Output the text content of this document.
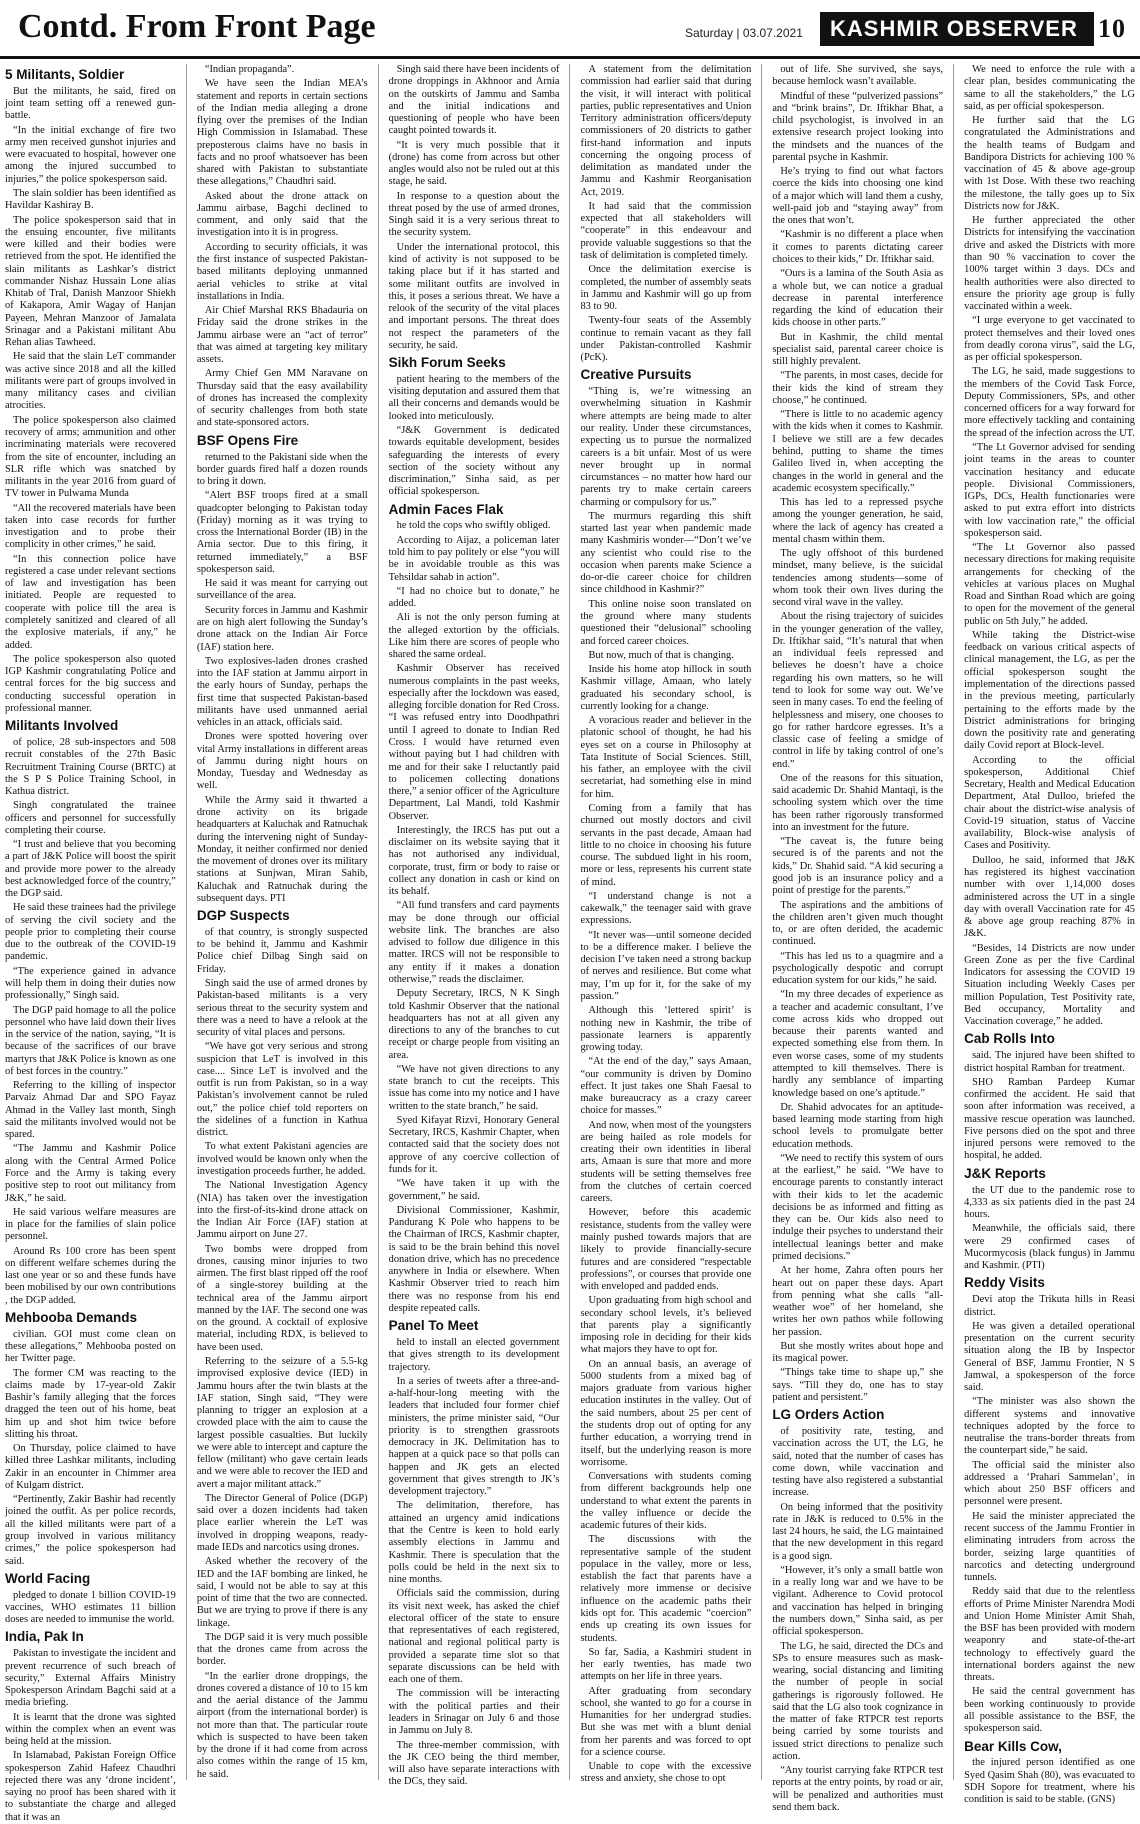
Contd. From Front Page	Saturday | 03.07.2021 KASHMIR OBSERVER 10
5 Militants, Soldier

But the militants, he said, fired on joint team setting off a renewed gun-battle.

“In the initial exchange of fire two army men received gunshot injuries and were evacuated to hospital, however one among the injured succumbed to injuries,” the police spokesperson said.

The slain soldier has been identified as Havildar Kashiray B.

The police spokesperson said that in the ensuing encounter, five militants were killed and their bodies were retrieved from the spot. He identified the slain militants as Lashkar’s district commander Nishaz Hussain Lone alias Khitab of Tral, Danish Manzoor Shiekh of Kakapora, Amir Wagay of Hanjan Payeen, Mehran Manzoor of Jamalata Srinagar and a Pakistani militant Abu Rehan alias Tawheed.

He said that the slain LeT commander was active since 2018 and all the killed militants were part of groups involved in many militancy cases and civilian atrocities.

The police spokesperson also claimed recovery of arms; ammunition and other incriminating materials were recovered from the site of encounter, including an SLR rifle which was snatched by militants in the year 2016 from guard of TV tower in Pulwama Munda

“All the recovered materials have been taken into case records for further investigation and to probe their complicity in other crimes,” he said.

“In this connection police have registered a case under relevant sections of law and investigation has been initiated. People are requested to cooperate with police till the area is completely sanitized and cleared of all the explosive materials, if any,” he added.

The police spokesperson also quoted IGP Kashmir congratulating Police and central forces for the big success and conducting successful operation in professional manner.

Militants Involved

of police, 28 sub-inspectors and 508 recruit constables of the 27th Basic Recruitment Training Course (BRTC) at the S P S Police Training School, in Kathua district.

Singh congratulated the trainee officers and personnel for successfully completing their course.

“I trust and believe that you becoming a part of J&K Police will boost the spirit and provide more power to the already best acknowledged force of the country,” the DGP said.

He said these trainees had the privilege of serving the civil society and the people prior to completing their course due to the outbreak of the COVID-19 pandemic.

“The experience gained in advance will help them in doing their duties now professionally,” Singh said.

The DGP paid homage to all the police personnel who have laid down their lives in the service of the nation, saying, “It is because of the sacrifices of our brave martyrs that J&K Police is known as one of best forces in the country.”

Referring to the killing of inspector Parvaiz Ahmad Dar and SPO Fayaz Ahmad in the Valley last month, Singh said the militants involved would not be spared.

“The Jammu and Kashmir Police along with the Central Armed Police Force and the Army is taking every positive step to root out militancy from J&K,” he said.

He said various welfare measures are in place for the families of slain police personnel.

Around Rs 100 crore has been spent on different welfare schemes during the last one year or so and these funds have been mobilised by our own contributions , the DGP added.

Mehbooba Demands

civilian. GOI must come clean on these allegations,” Mehbooba posted on her Twitter page.

The former CM was reacting to the claims made by 17-year-old Zakir Bashir’s family alleging that the forces dragged the teen out of his home, beat him up and shot him twice before slitting his throat.

On Thursday, police claimed to have killed three Lashkar militants, including Zakir in an encounter in Chimmer area of Kulgam district.

“Pertinently, Zakir Bashir had recently joined the outfit. As per police records, all the killed militants were part of a group involved in various militancy crimes,” the police spokesperson had said.

World Facing

pledged to donate 1 billion COVID-19 vaccines, WHO estimates 11 billion doses are needed to immunise the world.

India, Pak In

Pakistan to investigate the incident and prevent recurrence of such breach of security,” External Affairs Ministry Spokesperson Arindam Bagchi said at a media briefing.

It is learnt that the drone was sighted within the complex when an event was being held at the mission.

In Islamabad, Pakistan Foreign Office spokesperson Zahid Hafeez Chaudhri rejected there was any ‘drone incident’, saying no proof has been shared with it to substantiate the charge and alleged that it was an

“Indian propaganda”.

We have seen the Indian MEA’s statement and reports in certain sections of the Indian media alleging a drone flying over the premises of the Indian High Commission in Islamabad. These preposterous claims have no basis in facts and no proof whatsoever has been shared with Pakistan to substantiate these allegations,” Chaudhri said.

Asked about the drone attack on Jammu airbase, Bagchi declined to comment, and only said that the investigation into it is in progress.

According to security officials, it was the first instance of suspected Pakistan-based militants deploying unmanned aerial vehicles to strike at vital installations in India.

Air Chief Marshal RKS Bhadauria on Friday said the drone strikes in the Jammu airbase were an “act of terror” that was aimed at targeting key military assets.

Army Chief Gen MM Naravane on Thursday said that the easy availability of drones has increased the complexity of security challenges from both state and state-sponsored actors.

BSF Opens Fire

returned to the Pakistani side when the border guards fired half a dozen rounds to bring it down.

“Alert BSF troops fired at a small quadcopter belonging to Pakistan today (Friday) morning as it was trying to cross the International Border (IB) in the Arnia sector. Due to this firing, it returned immediately,” a BSF spokesperson said.

He said it was meant for carrying out surveillance of the area.

Security forces in Jammu and Kashmir are on high alert following the Sunday’s drone attack on the Indian Air Force (IAF) station here.

Two explosives-laden drones crashed into the IAF station at Jammu airport in the early hours of Sunday, perhaps the first time that suspected Pakistan-based militants have used unmanned aerial vehicles in an attack, officials said.

Drones were spotted hovering over vital Army installations in different areas of Jammu during night hours on Monday, Tuesday and Wednesday as well.

While the Army said it thwarted a drone activity on its brigade headquarters at Kaluchak and Ratnuchak during the intervening night of Sunday-Monday, it neither confirmed nor denied the movement of drones over its military stations at Sunjwan, Miran Sahib, Kaluchak and Ratnuchak during the subsequent days. PTI

DGP Suspects

of that country, is strongly suspected to be behind it, Jammu and Kashmir Police chief Dilbag Singh said on Friday.

Singh said the use of armed drones by Pakistan-based militants is a very serious threat to the security system and there was a need to have a relook at the security of vital places and persons.

“We have got very serious and strong suspicion that LeT is involved in this case.... Since LeT is involved and the outfit is run from Pakistan, so in a way Pakistan’s involvement cannot be ruled out,” the police chief told reporters on the sidelines of a function in Kathua district.

To what extent Pakistani agencies are involved would be known only when the investigation proceeds further, he added.

The National Investigation Agency (NIA) has taken over the investigation into the first-of-its-kind drone attack on the Indian Air Force (IAF) station at Jammu airport on June 27.

Two bombs were dropped from drones, causing minor injuries to two airmen. The first blast ripped off the roof of a single-storey building at the technical area of the Jammu airport manned by the IAF. The second one was on the ground. A cocktail of explosive material, including RDX, is believed to have been used.

Referring to the seizure of a 5.5-kg improvised explosive device (IED) in Jammu hours after the twin blasts at the IAF station, Singh said, “They were planning to trigger an explosion at a crowded place with the aim to cause the largest possible casualties. But luckily we were able to intercept and capture the fellow (militant) who gave certain leads and we were able to recover the IED and avert a major militant attack.”

The Director General of Police (DGP) said over a dozen incidents had taken place earlier wherein the LeT was involved in dropping weapons, ready-made IEDs and narcotics using drones.

Asked whether the recovery of the IED and the IAF bombing are linked, he said, I would not be able to say at this point of time that the two are connected. But we are trying to prove if there is any linkage.

The DGP said it is very much possible that the drones came from across the border.

“In the earlier drone droppings, the drones covered a distance of 10 to 15 km and the aerial distance of the Jammu airport (from the international border) is not more than that. The particular route which is suspected to have been taken by the drone if it had come from across also comes within the range of 15 km, he said.

Singh said there have been incidents of drone droppings in Akhnoor and Arnia on the outskirts of Jammu and Samba and the initial indications and questioning of people who have been caught pointed towards it.

“It is very much possible that it (drone) has come from across but other angles would also not be ruled out at this stage, he said.

In response to a question about the threat posed by the use of armed drones, Singh said it is a very serious threat to the security system.

Under the international protocol, this kind of activity is not supposed to be taking place but if it has started and some militant outfits are involved in this, it poses a serious threat. We have a relook of the security of the vital places and important persons. The threat does not respect the parameters of the security, he said.

Sikh Forum Seeks

patient hearing to the members of the visiting deputation and assured them that all their concerns and demands would be looked into meticulously.

“J&K Government is dedicated towards equitable development, besides safeguarding the interests of every section of the society without any discrimination,” Sinha said, as per official spokesperson.

Admin Faces Flak

he told the cops who swiftly obliged.

According to Aijaz, a policeman later told him to pay politely or else “you will be in avoidable trouble as this was Tehsildar sahab in action”.

“I had no choice but to donate,” he added.

Ali is not the only person fuming at the alleged extortion by the officials. Like him there are scores of people who shared the same ordeal.

Kashmir Observer has received numerous complaints in the past weeks, especially after the lockdown was eased, alleging forcible donation for Red Cross. “I was refused entry into Doodhpathri until I agreed to donate to Indian Red Cross. I would have returned even without paying but I had children with me and for their sake I reluctantly paid to policemen collecting donations there,” a senior officer of the Agriculture Department, Lal Mandi, told Kashmir Observer.

Interestingly, the IRCS has put out a disclaimer on its website saying that it has not authorised any individual, corporate, trust, firm or body to raise or collect any donation in cash or kind on its behalf.

“All fund transfers and card payments may be done through our official website link. The branches are also advised to follow due diligence in this matter. IRCS will not be responsible to any entity if it makes a donation otherwise,” reads the disclaimer.

Deputy Secretary, IRCS, N K Singh told Kashmir Observer that the national headquarters has not at all given any directions to any of the branches to cut receipt or charge people from visiting an area.

“We have not given directions to any state branch to cut the receipts. This issue has come into my notice and I have written to the state branch,” he said.

Syed Kifayat Rizvi, Honorary General Secretary, IRCS, Kashmir Chapter, when contacted said that the society does not approve of any coercive collection of funds for it.

“We have taken it up with the government,” he said.

Divisional Commissioner, Kashmir, Pandurang K Pole who happens to be the Chairman of IRCS, Kashmir chapter, is said to be the brain behind this novel donation drive, which has no precedence anywhere in India or elsewhere. When Kashmir Observer tried to reach him there was no response from his end despite repeated calls.

Panel To Meet

held to install an elected government that gives strength to its development trajectory.

In a series of tweets after a three-and-a-half-hour-long meeting with the leaders that included four former chief ministers, the prime minister said, “Our priority is to strengthen grassroots democracy in JK. Delimitation has to happen at a quick pace so that polls can happen and JK gets an elected government that gives strength to JK’s development trajectory.”

The delimitation, therefore, has attained an urgency amid indications that the Centre is keen to hold early assembly elections in Jammu and Kashmir. There is speculation that the polls could be held in the next six to nine months.

Officials said the commission, during its visit next week, has asked the chief electoral officer of the state to ensure that representatives of each registered, national and regional political party is provided a separate time slot so that separate discussions can be held with each one of them.

The commission will be interacting with the political parties and their leaders in Srinagar on July 6 and those in Jammu on July 8.

The three-member commission, with the JK CEO being the third member, will also have separate interactions with the DCs, they said.

A statement from the delimitation commission had earlier said that during the visit, it will interact with political parties, public representatives and Union Territory administration officers/deputy commissioners of 20 districts to gather first-hand information and inputs concerning the ongoing process of delimitation as mandated under the Jammu and Kashmir Reorganisation Act, 2019.

It had said that the commission expected that all stakeholders will “cooperate” in this endeavour and provide valuable suggestions so that the task of delimitation is completed timely.

Once the delimitation exercise is completed, the number of assembly seats in Jammu and Kashmir will go up from 83 to 90.

Twenty-four seats of the Assembly continue to remain vacant as they fall under Pakistan-controlled Kashmir (PcK).

Creative Pursuits

“Thing is, we’re witnessing an overwhelming situation in Kashmir where attempts are being made to alter our reality. Under these circumstances, expecting us to pursue the normalized careers is a bit unfair. Most of us were never brought up in normal circumstances – no matter how hard our parents try to make certain careers charming or compulsory for us.”

The murmurs regarding this shift started last year when pandemic made many Kashmiris wonder—“Don’t we’ve any scientist who could rise to the occasion when parents make Science a do-or-die career choice for children since childhood in Kashmir?”

This online noise soon translated on the ground where many students questioned their “delusional” schooling and forced career choices.

But now, much of that is changing.

Inside his home atop hillock in south Kashmir village, Amaan, who lately graduated his secondary school, is currently looking for a change.

A voracious reader and believer in the platonic school of thought, he had his eyes set on a course in Philosophy at Tata Institute of Social Sciences. Still, his father, an employee with the civil secretariat, had something else in mind for him.

Coming from a family that has churned out mostly doctors and civil servants in the past decade, Amaan had little to no choice in choosing his future course. The subdued light in his room, more or less, represents his current state of mind.

“I understand change is not a cakewalk,” the teenager said with grave expressions.

“It never was—until someone decided to be a difference maker. I believe the decision I’ve taken need a strong backup of nerves and resilience. But come what may, I’m up for it, for the sake of my passion.”

Although this ‘lettered spirit’ is nothing new in Kashmir, the tribe of passionate learners is apparently growing today.

“At the end of the day,” says Amaan, “our community is driven by Domino effect. It just takes one Shah Faesal to make bureaucracy as a crazy career choice for masses.”

And now, when most of the youngsters are being hailed as role models for creating their own identities in liberal arts, Amaan is sure that more and more students will be setting themselves free from the clutches of certain coerced careers.

However, before this academic resistance, students from the valley were mainly pushed towards majors that are likely to provide financially-secure futures and are considered “respectable professions”, or courses that provide one with enveloped and padded ends.

Upon graduating from high school and secondary school levels, it’s believed that parents play a significantly imposing role in deciding for their kids what majors they have to opt for.

On an annual basis, an average of 5000 students from a mixed bag of majors graduate from various higher education institutes in the valley. Out of the said numbers, about 25 per cent of the students drop out of opting for any further education, a worrying trend in itself, but the underlying reason is more worrisome.

Conversations with students coming from different backgrounds help one understand to what extent the parents in the valley influence or decide the academic futures of their kids.

The discussions with the representative sample of the student populace in the valley, more or less, establish the fact that parents have a relatively more immense or decisive influence on the academic paths their kids opt for. This academic “coercion” ends up creating its own issues for students.

So far, Sadia, a Kashmiri student in her early twenties, has made two attempts on her life in three years.

After graduating from secondary school, she wanted to go for a course in Humanities for her undergrad studies. But she was met with a blunt denial from her parents and was forced to opt for a science course.

Unable to cope with the excessive stress and anxiety, she chose to opt

out of life. She survived, she says, because hemlock wasn’t available.

Mindful of these “pulverized passions” and “brink brains”, Dr. Iftikhar Bhat, a child psychologist, is involved in an extensive research project looking into the mindsets and the nuances of the parental psyche in Kashmir.

He’s trying to find out what factors coerce the kids into choosing one kind of a major which will land them a cushy, well-paid job and “staying away” from the ones that won’t.

“Kashmir is no different a place when it comes to parents dictating career choices to their kids,” Dr. Iftikhar said.

“Ours is a lamina of the South Asia as a whole but, we can notice a gradual decrease in parental interference regarding the kind of education their kids choose in other parts.”

But in Kashmir, the child mental specialist said, parental career choice is still highly prevalent.

“The parents, in most cases, decide for their kids the kind of stream they choose,” he continued.

“There is little to no academic agency with the kids when it comes to Kashmir. I believe we still are a few decades behind, putting to shame the times Galileo lived in, when accepting the changes in the world in general and the academic ecosystem specifically.”

This has led to a repressed psyche among the younger generation, he said, where the lack of agency has created a mental chasm within them.

The ugly offshoot of this burdened mindset, many believe, is the suicidal tendencies among students—some of whom took their own lives during the second viral wave in the valley.

About the rising trajectory of suicides in the younger generation of the valley, Dr. Iftikhar said, “It’s natural that when an individual feels repressed and believes he doesn’t have a choice regarding his own matters, so he will tend to look for some way out. We’ve seen in many cases. To end the feeling of helplessness and misery, one chooses to go for rather hardcore egresses. It’s a classic case of feeling a smidge of control in life by taking control of one’s end.”

One of the reasons for this situation, said academic Dr. Shahid Mantaqi, is the schooling system which over the time has been rather rigorously transformed into an investment for the future.

“The caveat is, the future being secured is of the parents and not the kids,” Dr. Shahid said. “A kid securing a good job is an insurance policy and a point of prestige for the parents.”

The aspirations and the ambitions of the children aren’t given much thought to, or are often derided, the academic continued.

“This has led us to a quagmire and a psychologically despotic and corrupt education system for our kids,” he said.

“In my three decades of experience as a teacher and academic consultant, I’ve come across kids who dropped out because their parents wanted and expected something else from them. In even worse cases, some of my students attempted to kill themselves. There is hardly any semblance of imparting knowledge based on one’s aptitude.”

Dr. Shahid advocates for an aptitude-based learning mode starting from high school levels to promulgate better education methods.

“We need to rectify this system of ours at the earliest,” he said. “We have to encourage parents to constantly interact with their kids to let the academic decisions be as informed and fitting as they can be. Our kids also need to indulge their psyches to understand their intellectual leanings better and make primed decisions.”

At her home, Zahra often pours her heart out on paper these days. Apart from penning what she calls “all-weather woe” of her homeland, she writes her own pathos while following her passion.

But she mostly writes about hope and its magical power.

“Things take time to shape up,” she says. “Till they do, one has to stay patient and persistent.”

LG Orders Action

of positivity rate, testing, and vaccination across the UT, the LG, he said, noted that the number of cases has come down, while vaccination and testing have also registered a substantial increase.

On being informed that the positivity rate in J&K is reduced to 0.5% in the last 24 hours, he said, the LG maintained that the new development in this regard is a good sign.

“However, it’s only a small battle won in a really long war and we have to be vigilant. Adherence to Covid protocol and vaccination has helped in bringing the numbers down,” Sinha said, as per official spokesperson.

The LG, he said, directed the DCs and SPs to ensure measures such as mask-wearing, social distancing and limiting the number of people in social gatherings is rigorously followed. He said that the LG also took cognizance in the matter of fake RTPCR test reports being carried by some tourists and issued strict directions to penalize such action.

“Any tourist carrying fake RTPCR test reports at the entry points, by road or air, will be penalized and authorities must send them back.

We need to enforce the rule with a clear plan, besides communicating the same to all the stakeholders,” the LG said, as per official spokesperson.

He further said that the LG congratulated the Administrations and the health teams of Budgam and Bandipora Districts for achieving 100 % vaccination of 45 & above age-group with 1st Dose. With these two reaching the milestone, the tally goes up to Six Districts now for J&K.

He further appreciated the other Districts for intensifying the vaccination drive and asked the Districts with more than 90 % vaccination to cover the 100% target within 3 days. DCs and health authorities were also directed to ensure the priority age group is fully vaccinated within a week.

“I urge everyone to get vaccinated to protect themselves and their loved ones from deadly corona virus”, said the LG, as per official spokesperson.

The LG, he said, made suggestions to the members of the Covid Task Force, Deputy Commissioners, SPs, and other concerned officers for a way forward for more effectively tackling and containing the spread of the infection across the UT.

“The Lt Governor advised for sending joint teams in the areas to counter vaccination hesitancy and educate people. Divisional Commissioners, IGPs, DCs, Health functionaries were asked to put extra effort into districts with low vaccination rate,” the official spokesperson said.

“The Lt Governor also passed necessary directions for making requisite arrangements for checking of the vehicles at various places on Mughal Road and Sinthan Road which are going to open for the movement of the general public on 5th July,” he added.

While taking the District-wise feedback on various critical aspects of clinical management, the LG, as per the official spokesperson sought the implementation of the directions passed in the previous meeting, particularly pertaining to the efforts made by the District administrations for bringing down the positivity rate and generating daily Covid report at Block-level.

According to the official spokesperson, Additional Chief Secretary, Health and Medical Education Department, Atal Dulloo, briefed the chair about the district-wise analysis of Covid-19 situation, status of Vaccine availability, Block-wise analysis of Cases and Positivity.

Dulloo, he said, informed that J&K has registered its highest vaccination number with over 1,14,000 doses administered across the UT in a single day with overall Vaccination rate for 45 & above age group reaching 87% in J&K.

“Besides, 14 Districts are now under Green Zone as per the five Cardinal Indicators for assessing the COVID 19 Situation including Weekly Cases per million Population, Test Positivity rate, Bed occupancy, Mortality and Vaccination coverage,” he added.

Cab Rolls Into

said. The injured have been shifted to district hospital Ramban for treatment.

SHO Ramban Pardeep Kumar confirmed the accident. He said that soon after information was received, a massive rescue operation was launched. Five persons died on the spot and three injured persons were removed to the hospital, he added.

J&K Reports

the UT due to the pandemic rose to 4,333 as six patients died in the past 24 hours.

Meanwhile, the officials said, there were 29 confirmed cases of Mucormycosis (black fungus) in Jammu and Kashmir. (PTI)

Reddy Visits

Devi atop the Trikuta hills in Reasi district.

He was given a detailed operational presentation on the current security situation along the IB by Inspector General of BSF, Jammu Frontier, N S Jamwal, a spokesperson of the force said.

“The minister was also shown the different systems and innovative techniques adopted by the force to neutralise the trans-border threats from the counterpart side,” he said.

The official said the minister also addressed a ‘Prahari Sammelan’, in which about 250 BSF officers and personnel were present.

He said the minister appreciated the recent success of the Jammu Frontier in eliminating intruders from across the border, seizing large quantities of narcotics and detecting underground tunnels.

Reddy said that due to the relentless efforts of Prime Minister Narendra Modi and Union Home Minister Amit Shah, the BSF has been provided with modern weaponry and state-of-the-art technology to effectively guard the international borders against the new threats.

He said the central government has been working continuously to provide all possible assistance to the BSF, the spokesperson said.

Bear Kills Cow,

the injured person identified as one Syed Qasim Shah (80), was evacuated to SDH Sopore for treatment, where his condition is said to be stable. (GNS)
